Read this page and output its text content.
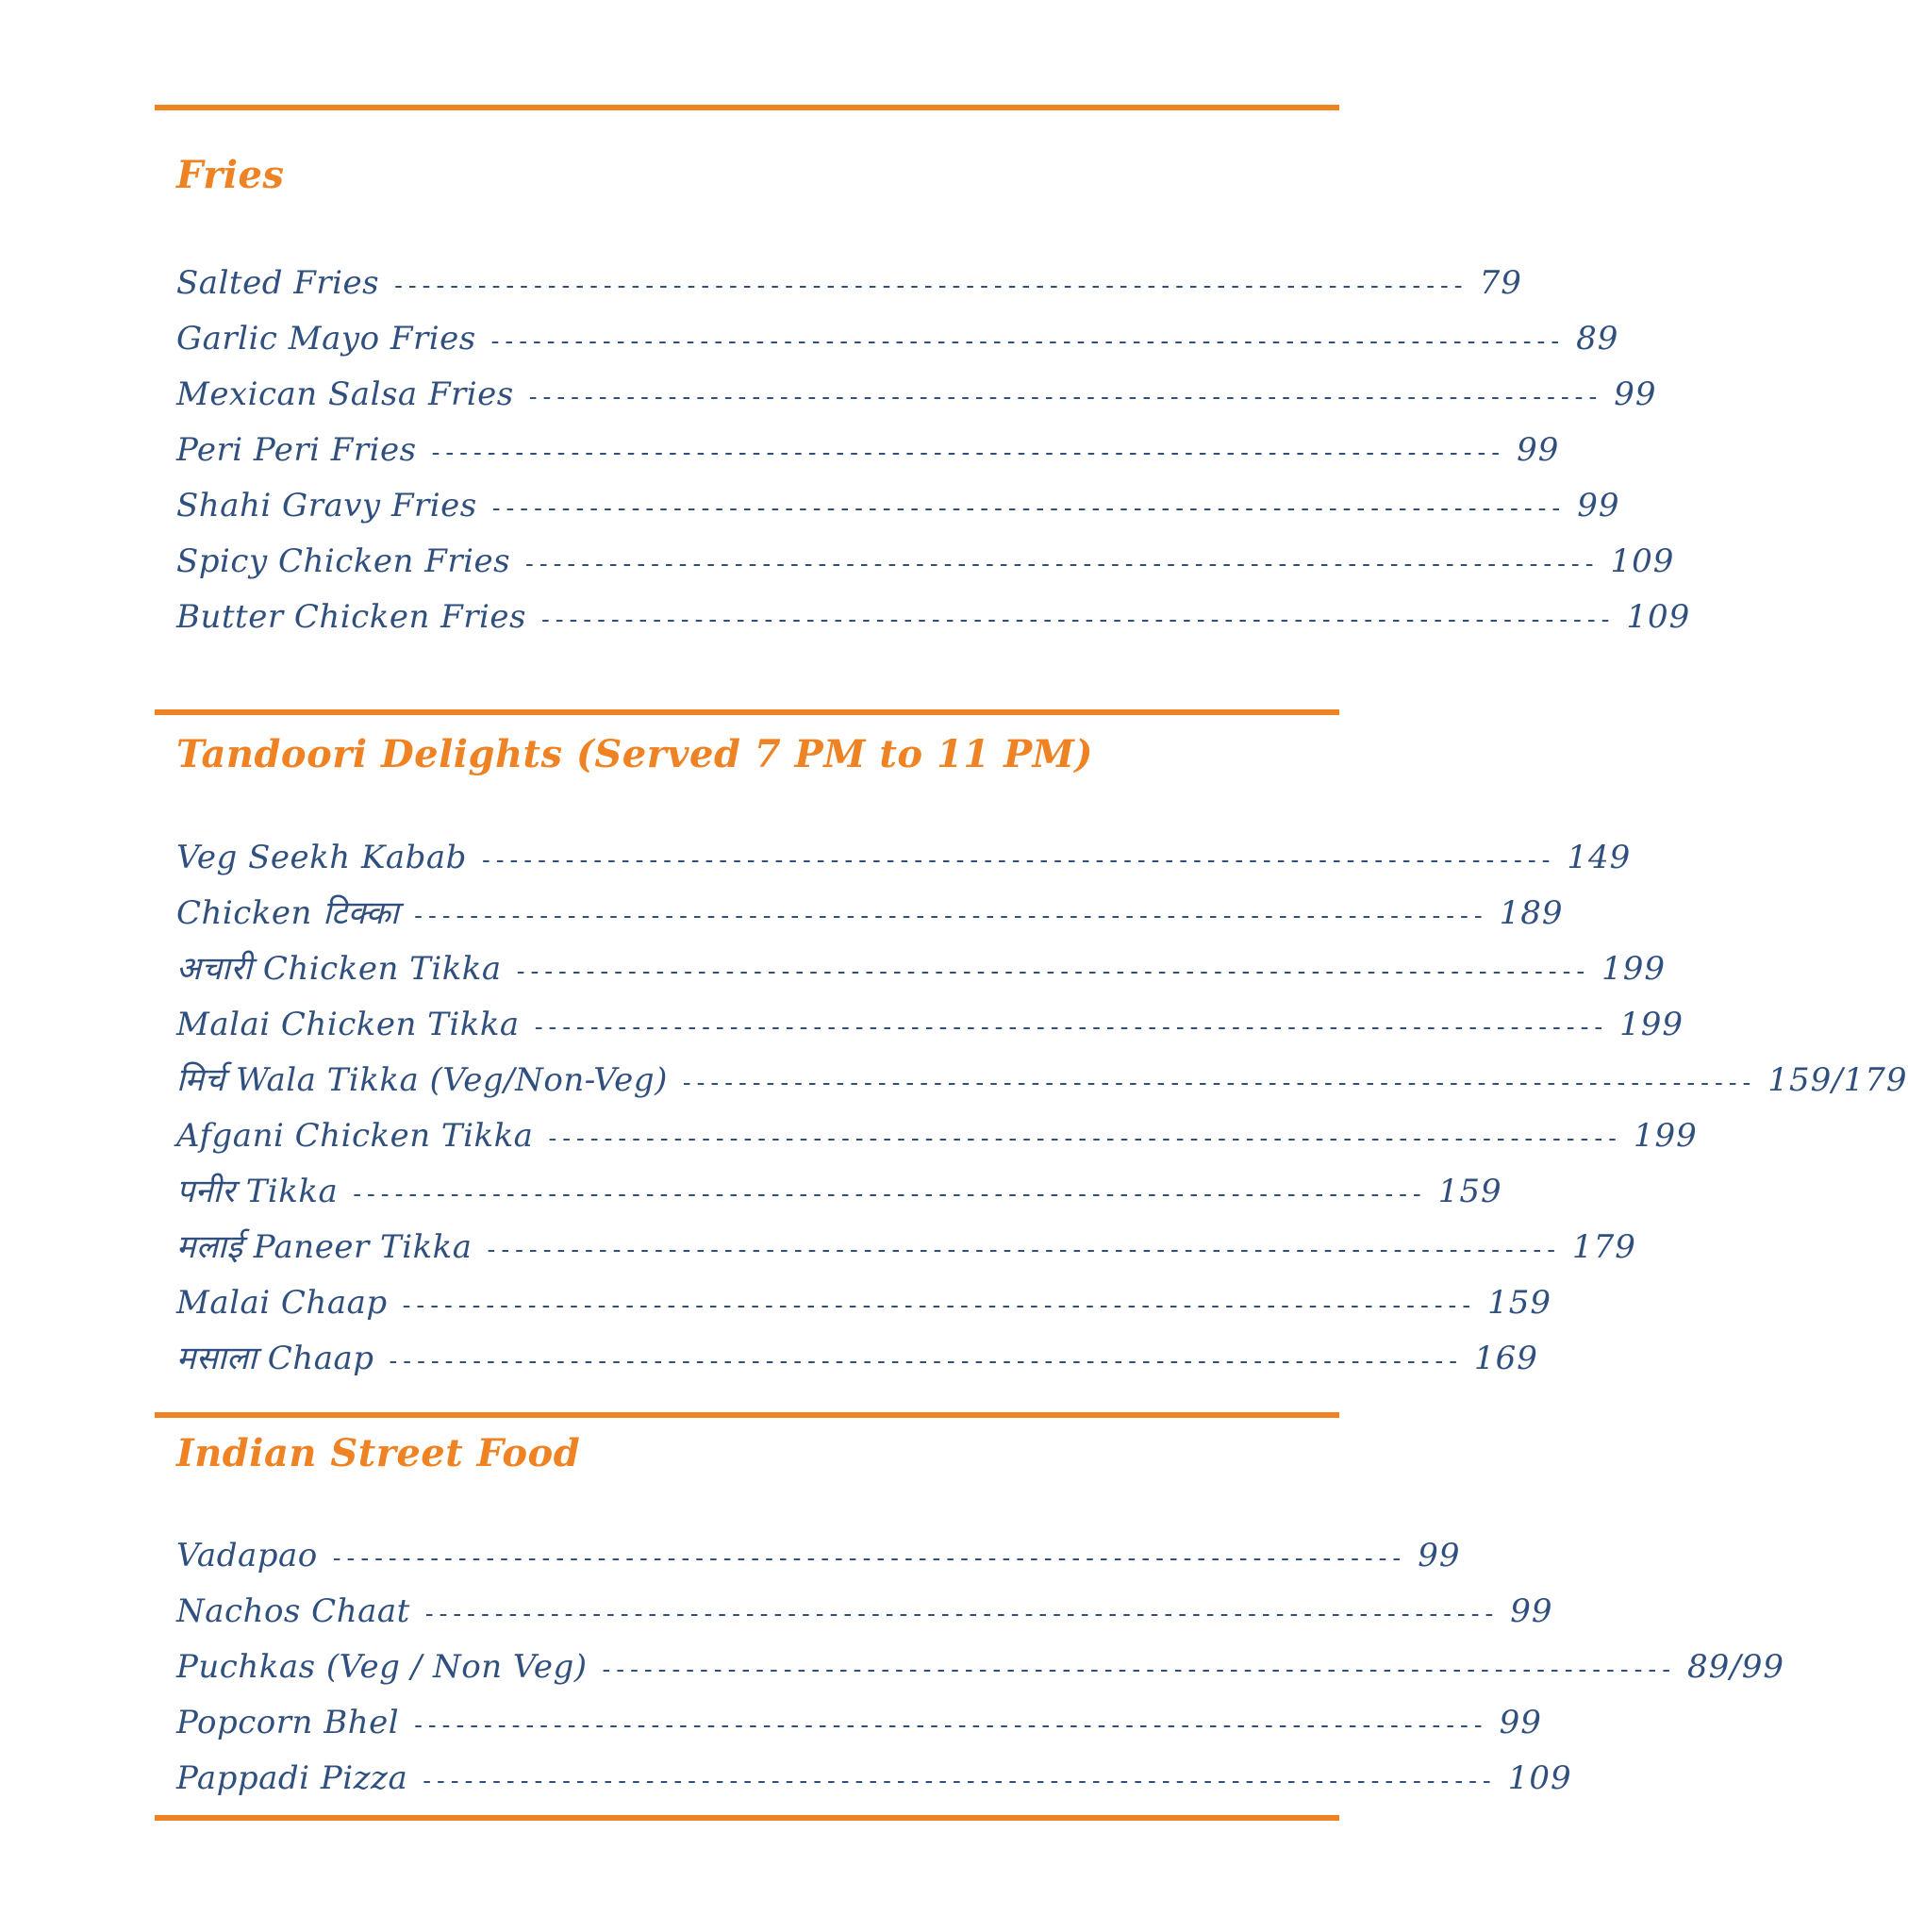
Fries
Salted Fries ----------------------------------------------------------------------------- 79
Garlic Mayo Fries ----------------------------------------------------------------------------- 89
Mexican Salsa Fries ----------------------------------------------------------------------------- 99
Peri Peri Fries ----------------------------------------------------------------------------- 99
Shahi Gravy Fries ----------------------------------------------------------------------------- 99
Spicy Chicken Fries ----------------------------------------------------------------------------- 109
Butter Chicken Fries ----------------------------------------------------------------------------- 109
Tandoori Delights (Served 7 PM to 11 PM)
Veg Seekh Kabab ----------------------------------------------------------------------------- 149
Chicken टिक्का ----------------------------------------------------------------------------- 189
अचारी Chicken Tikka ----------------------------------------------------------------------------- 199
Malai Chicken Tikka ----------------------------------------------------------------------------- 199
मिर्च Wala Tikka (Veg/Non-Veg) ----------------------------------------------------------------------------- 159/179
Afgani Chicken Tikka ----------------------------------------------------------------------------- 199
पनीर Tikka ----------------------------------------------------------------------------- 159
मलाई Paneer Tikka ----------------------------------------------------------------------------- 179
Malai Chaap ----------------------------------------------------------------------------- 159
मसाला Chaap ----------------------------------------------------------------------------- 169
Indian Street Food
Vadapao ----------------------------------------------------------------------------- 99
Nachos Chaat ----------------------------------------------------------------------------- 99
Puchkas (Veg / Non Veg) ----------------------------------------------------------------------------- 89/99
Popcorn Bhel ----------------------------------------------------------------------------- 99
Pappadi Pizza ----------------------------------------------------------------------------- 109
